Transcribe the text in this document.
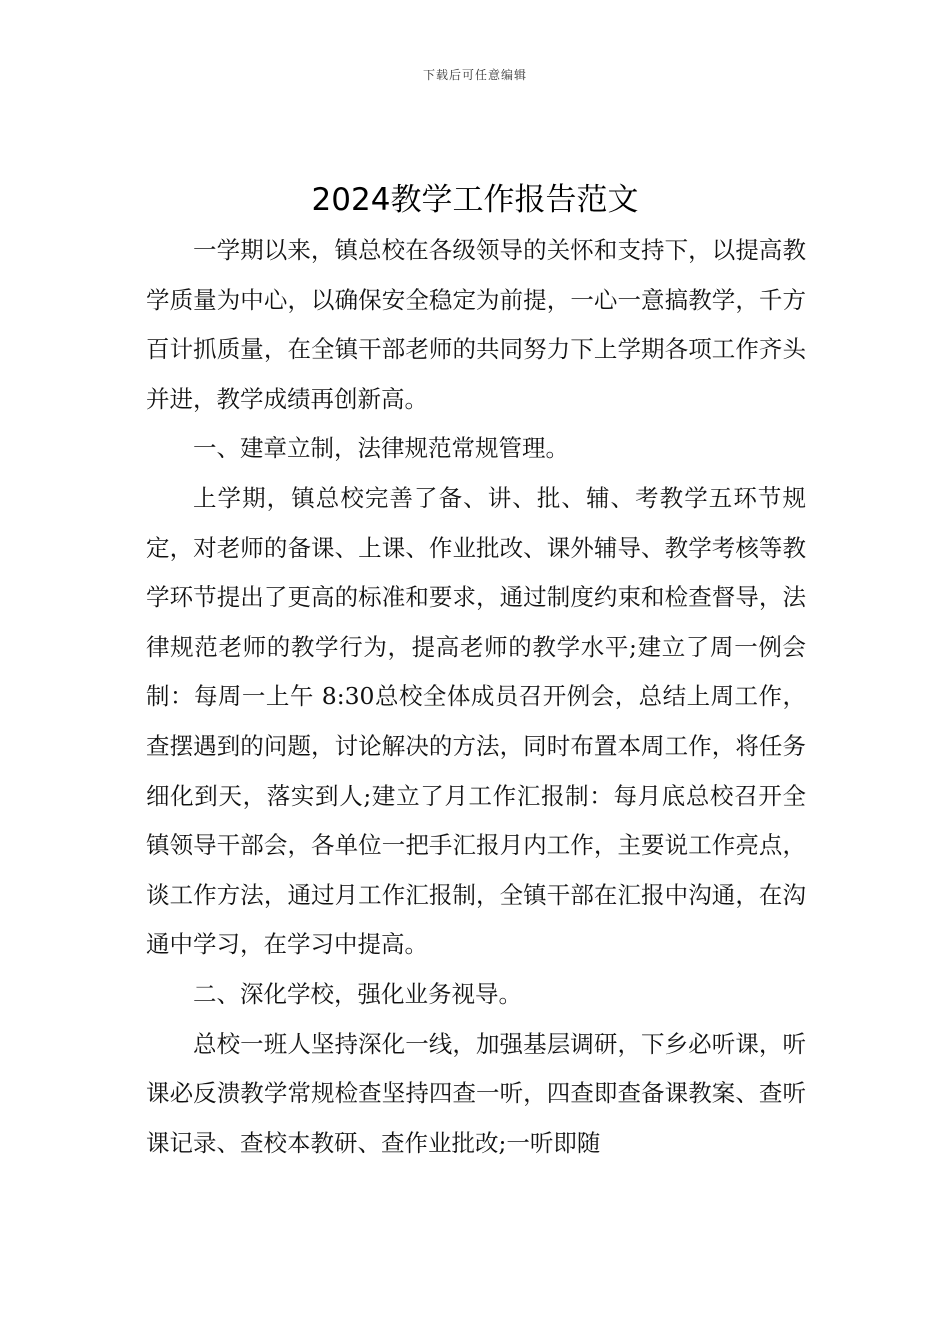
下载后可任意编辑
2024教学工作报告范文

一学期以来，镇总校在各级领导的关怀和支持下，以提高教学质量为中心，以确保安全稳定为前提，一心一意搞教学，千方百计抓质量，在全镇干部老师的共同努力下上学期各项工作齐头并进，教学成绩再创新高。

一、建章立制，法律规范常规管理。

上学期，镇总校完善了备、讲、批、辅、考教学五环节规定，对老师的备课、上课、作业批改、课外辅导、教学考核等教学环节提出了更高的标准和要求，通过制度约束和检查督导，法律规范老师的教学行为，提高老师的教学水平;建立了周一例会制：每周一上午 8:30总校全体成员召开例会，总结上周工作，查摆遇到的问题，讨论解决的方法，同时布置本周工作，将任务细化到天，落实到人;建立了月工作汇报制：每月底总校召开全镇领导干部会，各单位一把手汇报月内工作，主要说工作亮点，谈工作方法，通过月工作汇报制，全镇干部在汇报中沟通，在沟通中学习，在学习中提高。

二、深化学校，强化业务视导。

总校一班人坚持深化一线，加强基层调研，下乡必听课，听课必反溃教学常规检查坚持四查一听，四查即查备课教案、查听课记录、查校本教研、查作业批改;一听即随
